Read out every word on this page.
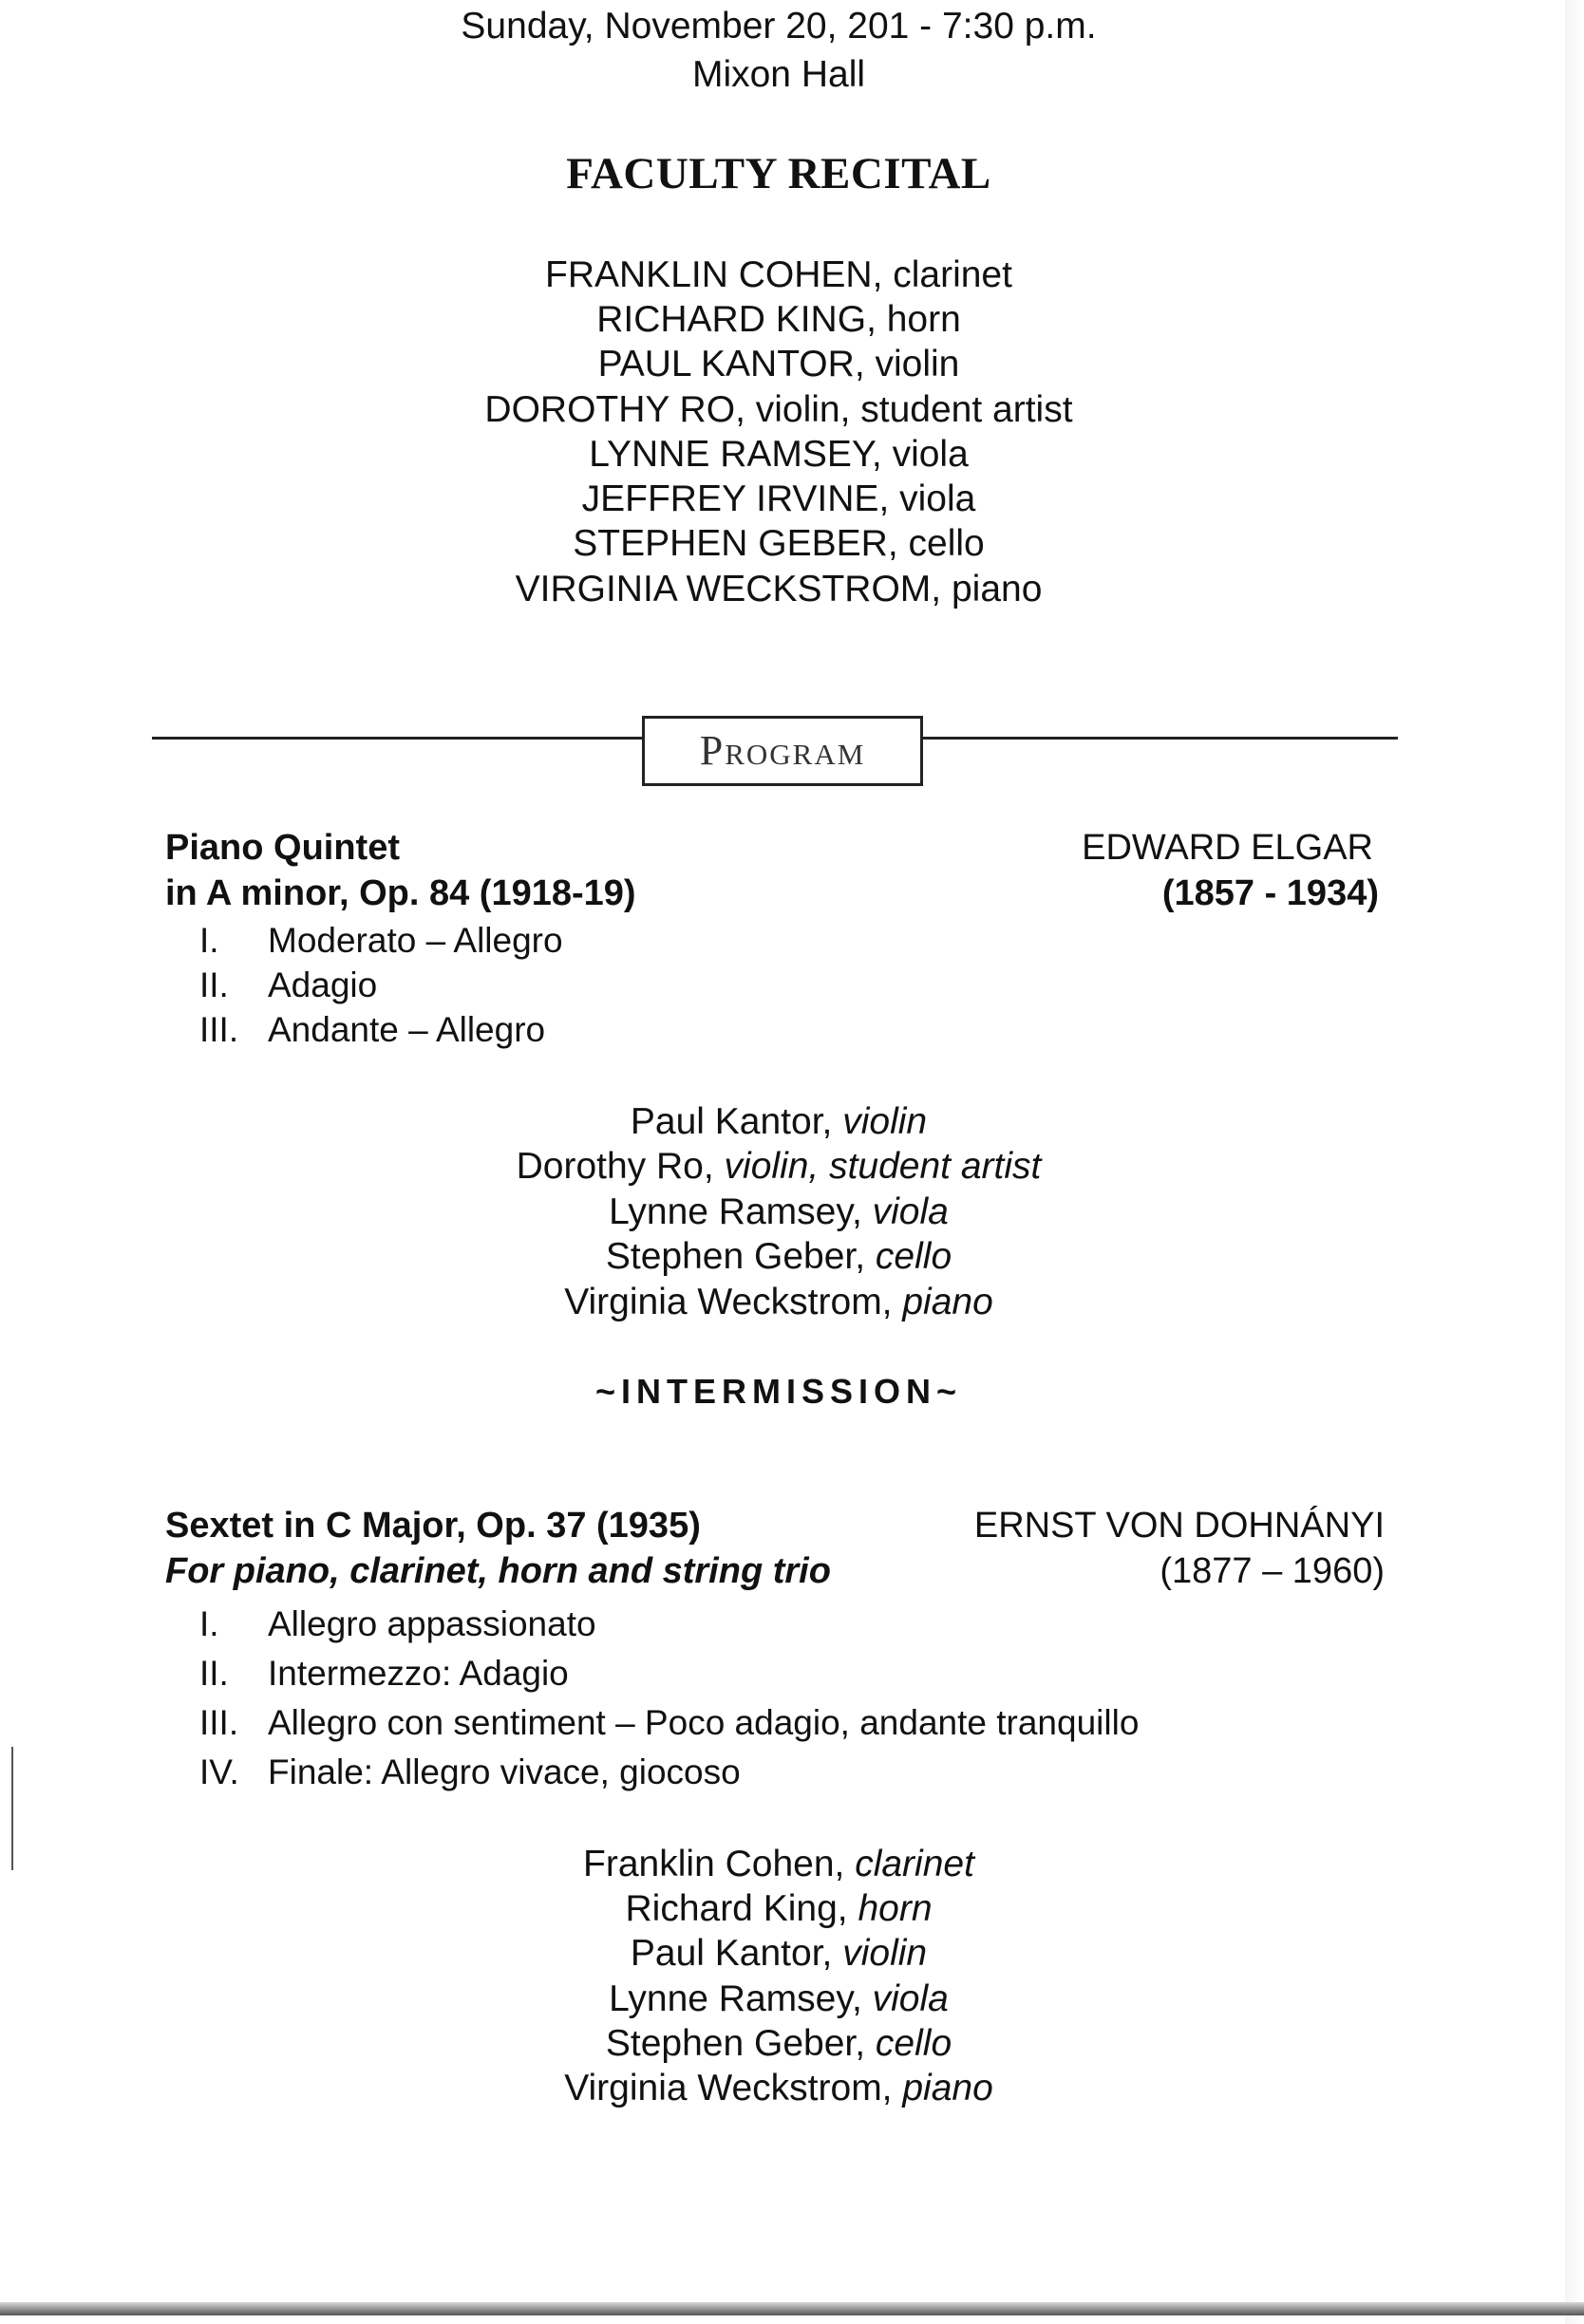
Sunday, November 20, 201 - 7:30 p.m.
Mixon Hall
FACULTY RECITAL
FRANKLIN COHEN, clarinet
RICHARD KING, horn
PAUL KANTOR, violin
DOROTHY RO, violin, student artist
LYNNE RAMSEY, viola
JEFFREY IRVINE, viola
STEPHEN GEBER, cello
VIRGINIA WECKSTROM, piano
Program
Piano Quintet
in A minor, Op. 84 (1918-19)
EDWARD ELGAR
(1857 - 1934)
I. Moderato – Allegro
II. Adagio
III. Andante – Allegro
Paul Kantor, violin
Dorothy Ro, violin, student artist
Lynne Ramsey, viola
Stephen Geber, cello
Virginia Weckstrom, piano
~INTERMISSION~
Sextet in C Major, Op. 37 (1935)
For piano, clarinet, horn and string trio
ERNST VON DOHNÁNYI
(1877 – 1960)
I. Allegro appassionato
II. Intermezzo: Adagio
III. Allegro con sentiment – Poco adagio, andante tranquillo
IV. Finale: Allegro vivace, giocoso
Franklin Cohen, clarinet
Richard King, horn
Paul Kantor, violin
Lynne Ramsey, viola
Stephen Geber, cello
Virginia Weckstrom, piano
